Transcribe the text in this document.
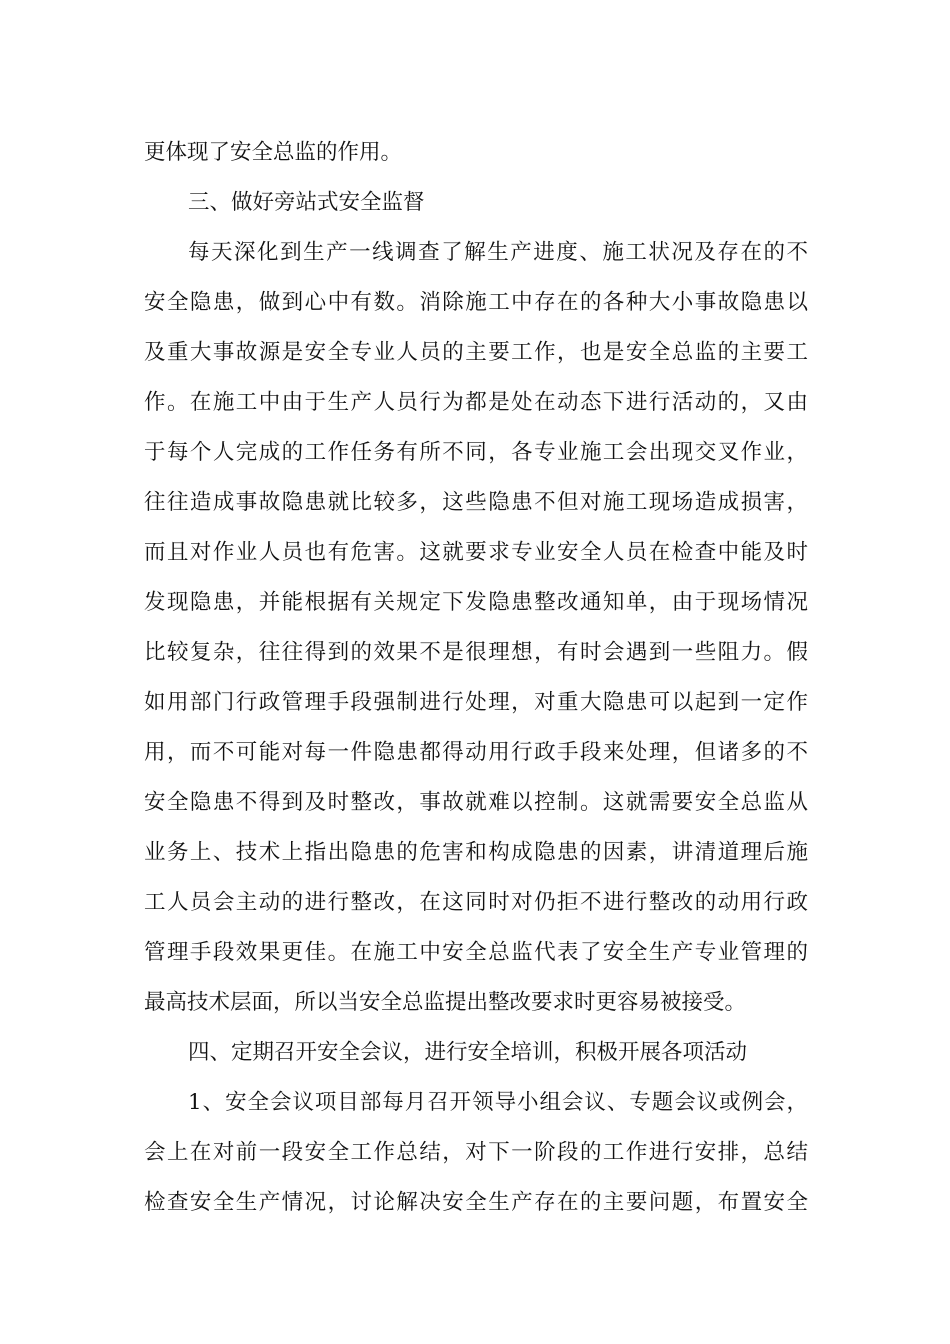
更体现了安全总监的作用。
三、做好旁站式安全监督
每天深化到生产一线调查了解生产进度、施工状况及存在的不
安全隐患，做到心中有数。消除施工中存在的各种大小事故隐患以
及重大事故源是安全专业人员的主要工作，也是安全总监的主要工
作。在施工中由于生产人员行为都是处在动态下进行活动的，又由
于每个人完成的工作任务有所不同，各专业施工会出现交叉作业，
往往造成事故隐患就比较多，这些隐患不但对施工现场造成损害，
而且对作业人员也有危害。这就要求专业安全人员在检查中能及时
发现隐患，并能根据有关规定下发隐患整改通知单，由于现场情况
比较复杂，往往得到的效果不是很理想，有时会遇到一些阻力。假
如用部门行政管理手段强制进行处理，对重大隐患可以起到一定作
用，而不可能对每一件隐患都得动用行政手段来处理，但诸多的不
安全隐患不得到及时整改，事故就难以控制。这就需要安全总监从
业务上、技术上指出隐患的危害和构成隐患的因素，讲清道理后施
工人员会主动的进行整改，在这同时对仍拒不进行整改的动用行政
管理手段效果更佳。在施工中安全总监代表了安全生产专业管理的
最高技术层面，所以当安全总监提出整改要求时更容易被接受。
四、定期召开安全会议，进行安全培训，积极开展各项活动
1、安全会议项目部每月召开领导小组会议、专题会议或例会，
会上在对前一段安全工作总结，对下一阶段的工作进行安排，总结
检查安全生产情况，讨论解决安全生产存在的主要问题，布置安全
